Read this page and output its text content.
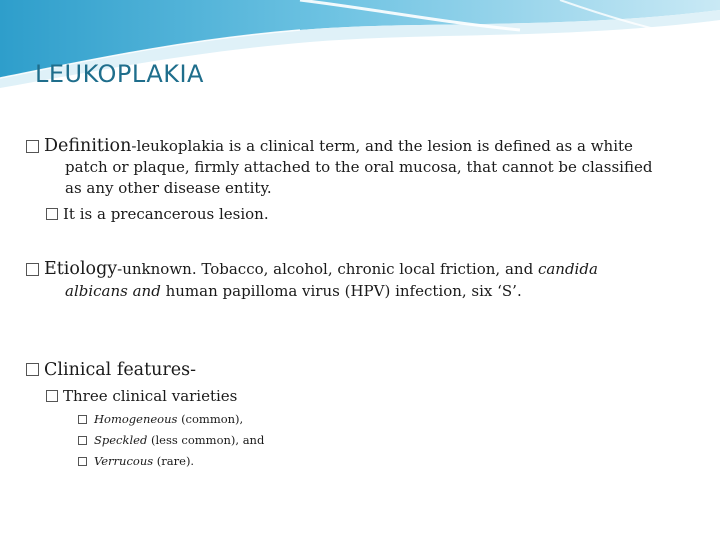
LEUKOPLAKIA
Definition-leukoplakia is a clinical term, and the lesion is defined as a white
patch or plaque, firmly attached to the oral mucosa, that cannot be classified
as any other disease entity.
It is a precancerous lesion.
Etiology-unknown. Tobacco, alcohol, chronic local friction, and candida
albicans and human papilloma virus (HPV) infection, six ‘S’.
Clinical features-
Three clinical varieties
Homogeneous (common),
Speckled (less common), and
Verrucous (rare).
